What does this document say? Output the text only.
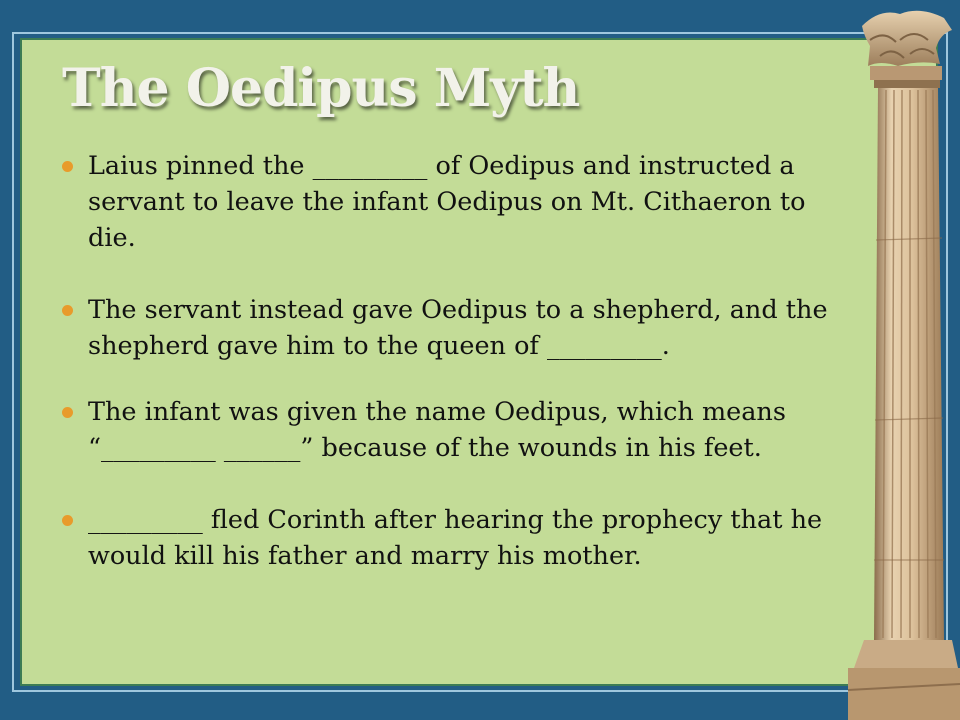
The Oedipus Myth
Laius pinned the _________ of Oedipus and instructed a servant to leave the infant Oedipus on Mt. Cithaeron to die.
The servant instead gave Oedipus to a shepherd, and the shepherd gave him to the queen of _________.
The infant was given the name Oedipus, which means “_________ ______” because of the wounds in his feet.
_________ fled Corinth after hearing the prophecy that he would kill his father and marry his mother.
